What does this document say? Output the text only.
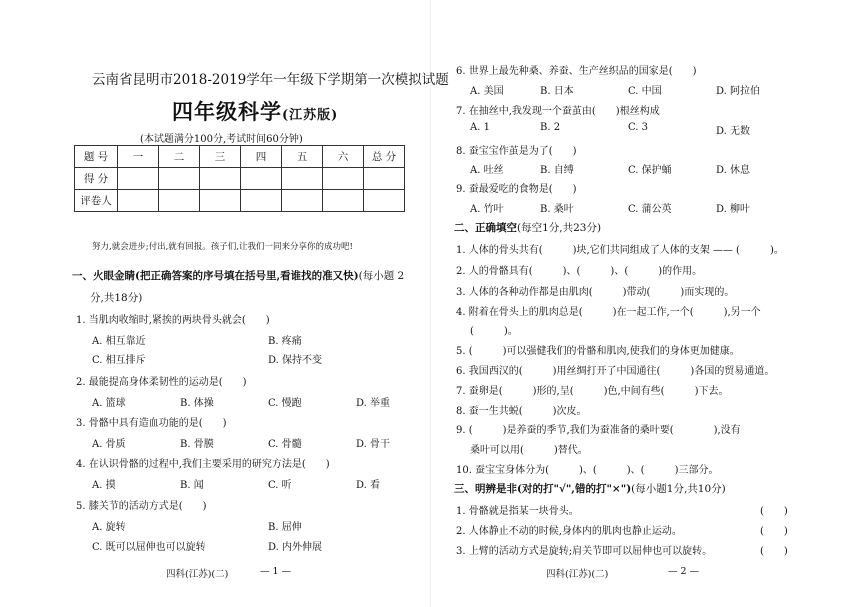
云南省昆明市2018-2019学年一年级下学期第一次模拟试题
四年级科学(江苏版)
(本试题满分100分,考试时间60分钟)
题 号	一	二	三	四	五	六	总 分
得 分							
评卷人							
努力,就会进步;付出,就有回报。孩子们,让我们一同来分享你的成功吧!
一、火眼金睛(把正确答案的序号填在括号里,看谁找的准又快)(每小题 2
分,共18分)
1. 当肌肉收缩时,紧挨的两块骨头就会(　　)
A. 相互靠近	B. 疼痛
C. 相互排斥	D. 保持不变
2. 最能提高身体柔韧性的运动是(　　)
A. 篮球	B. 体操	C. 慢跑	D. 举重
3. 骨骼中具有造血功能的是(　　)
A. 骨质	B. 骨膜	C. 骨髓	D. 骨干
4. 在认识骨骼的过程中,我们主要采用的研究方法是(　　)
A. 摸	B. 闻	C. 听	D. 看
5. 膝关节的活动方式是(　　)
A. 旋转	B. 屈伸
C. 既可以屈伸也可以旋转	D. 内外伸展
四科(江苏)(二)	— 1 —
6. 世界上最先种桑、养蚕、生产丝织品的国家是(　　)
A. 美国	B. 日本	C. 中国	D. 阿拉伯
7. 在抽丝中,我发现一个蚕茧由(　　)根丝构成
A. 1	B. 2	C. 3	D. 无数
8. 蚕宝宝作茧是为了(　　)
A. 吐丝	B. 自缚	C. 保护蛹	D. 休息
9. 蚕最爱吃的食物是(　　)
A. 竹叶	B. 桑叶	C. 蒲公英	D. 柳叶
二、正确填空(每空1分,共23分)
1. 人体的骨头共有(　　　)块,它们共同组成了人体的支架 —— (　　　)。
2. 人的骨骼具有(　　　)、(　　　)、(　　　)的作用。
3. 人体的各种动作都是由肌肉(　　　)带动(　　　)而实现的。
4. 附着在骨头上的肌肉总是(　　　)在一起工作,一个(　　　),另一个
(　　　)。
5. (　　　)可以强健我们的骨骼和肌肉,使我们的身体更加健康。
6. 我国西汉的(　　　)用丝绸打开了中国通往(　　　)各国的贸易通道。
7. 蚕卵是(　　　)形的,呈(　　　)色,中间有些(　　　)下去。
8. 蚕一生共蜕(　　　)次皮。
9. (　　　)是养蚕的季节,我们为蚕准备的桑叶要(　　　　),没有
桑叶可以用(　　　)替代。
10. 蚕宝宝身体分为(　　　)、(　　　)、(　　　)三部分。
三、明辨是非(对的打"√",错的打"×")(每小题1分,共10分)
1. 骨骼就是指某一块骨头。	(　　)
2. 人体静止不动的时候,身体内的肌肉也静止运动。	(　　)
3. 上臂的活动方式是旋转;肩关节即可以屈伸也可以旋转。	(　　)
四科(江苏)(二)	— 2 —
